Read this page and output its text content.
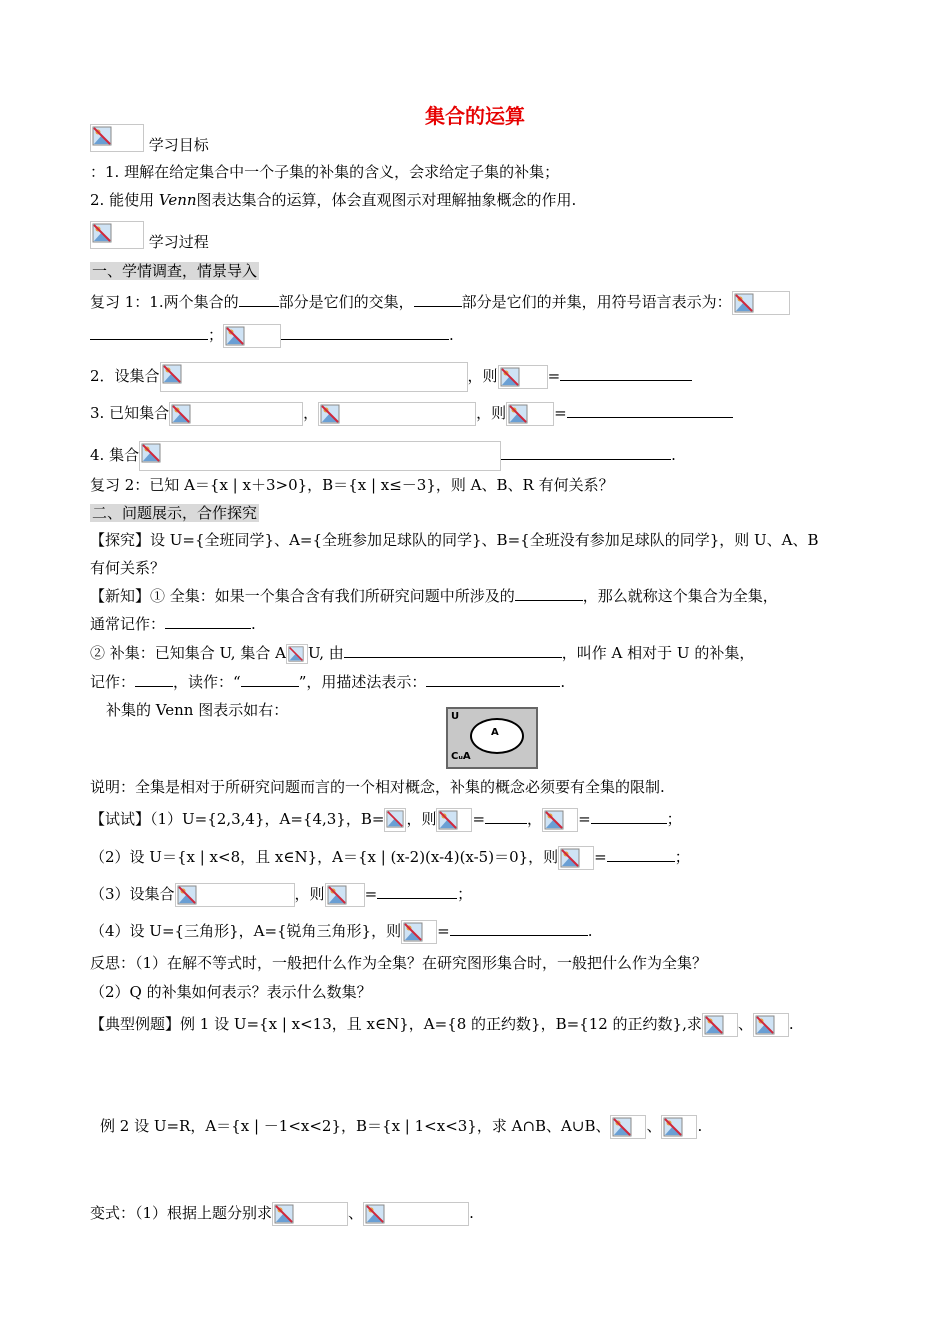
集合的运算
学习目标
：1. 理解在给定集合中一个子集的补集的含义，会求给定子集的补集；
2. 能使用 Venn图表达集合的运算，体会直观图示对理解抽象概念的作用.
学习过程
一、学情调查，情景导入
复习 1：1.两个集合的	部分是它们的交集，	部分是它们的并集，用符号语言表示为：
；	.
2．设集合	，则	=
3. 已知集合	，	，则	=
4. 集合	.
复习 2：已知 A＝{x | x＋3>0}，B＝{x | x≤－3}，则 A、B、R 有何关系？
二、问题展示，合作探究
【探究】设 U={全班同学}、A={全班参加足球队的同学}、B={全班没有参加足球队的同学}，则 U、A、B
有何关系？
【新知】① 全集：如果一个集合含有我们所研究问题中所涉及的	，那么就称这个集合为全集，
通常记作：	.
② 补集：已知集合 U, 集合 A U, 由	，叫作 A 相对于 U 的补集，
记作：	，读作：“	”，用描述法表示：	.
补集的 Venn 图表示如右：	U
A
CᵤA
说明：全集是相对于所研究问题而言的一个相对概念，补集的概念必须要有全集的限制.
【试试】（1）U={2,3,4}，A={4,3}，B= ，则 =	， =	；
（2）设 U＝{x | x<8，且 x∈N}，A＝{x | (x-2)(x-4)(x-5)＝0}，则 =	；
（3）设集合	，则	=	；
（4）设 U={三角形}，A={锐角三角形}，则 =	.
反思：（1）在解不等式时，一般把什么作为全集？在研究图形集合时，一般把什么作为全集？
（2）Q 的补集如何表示？表示什么数集？
【典型例题】例 1 设 U={x | x<13，且 x∈N}，A={8 的正约数}，B={12 的正约数},求 、 .
例 2 设 U=R，A＝{x | －1<x<2}，B＝{x | 1<x<3}，求 A∩B、A∪B、 、 .
变式：（1）根据上题分别求	、	.
